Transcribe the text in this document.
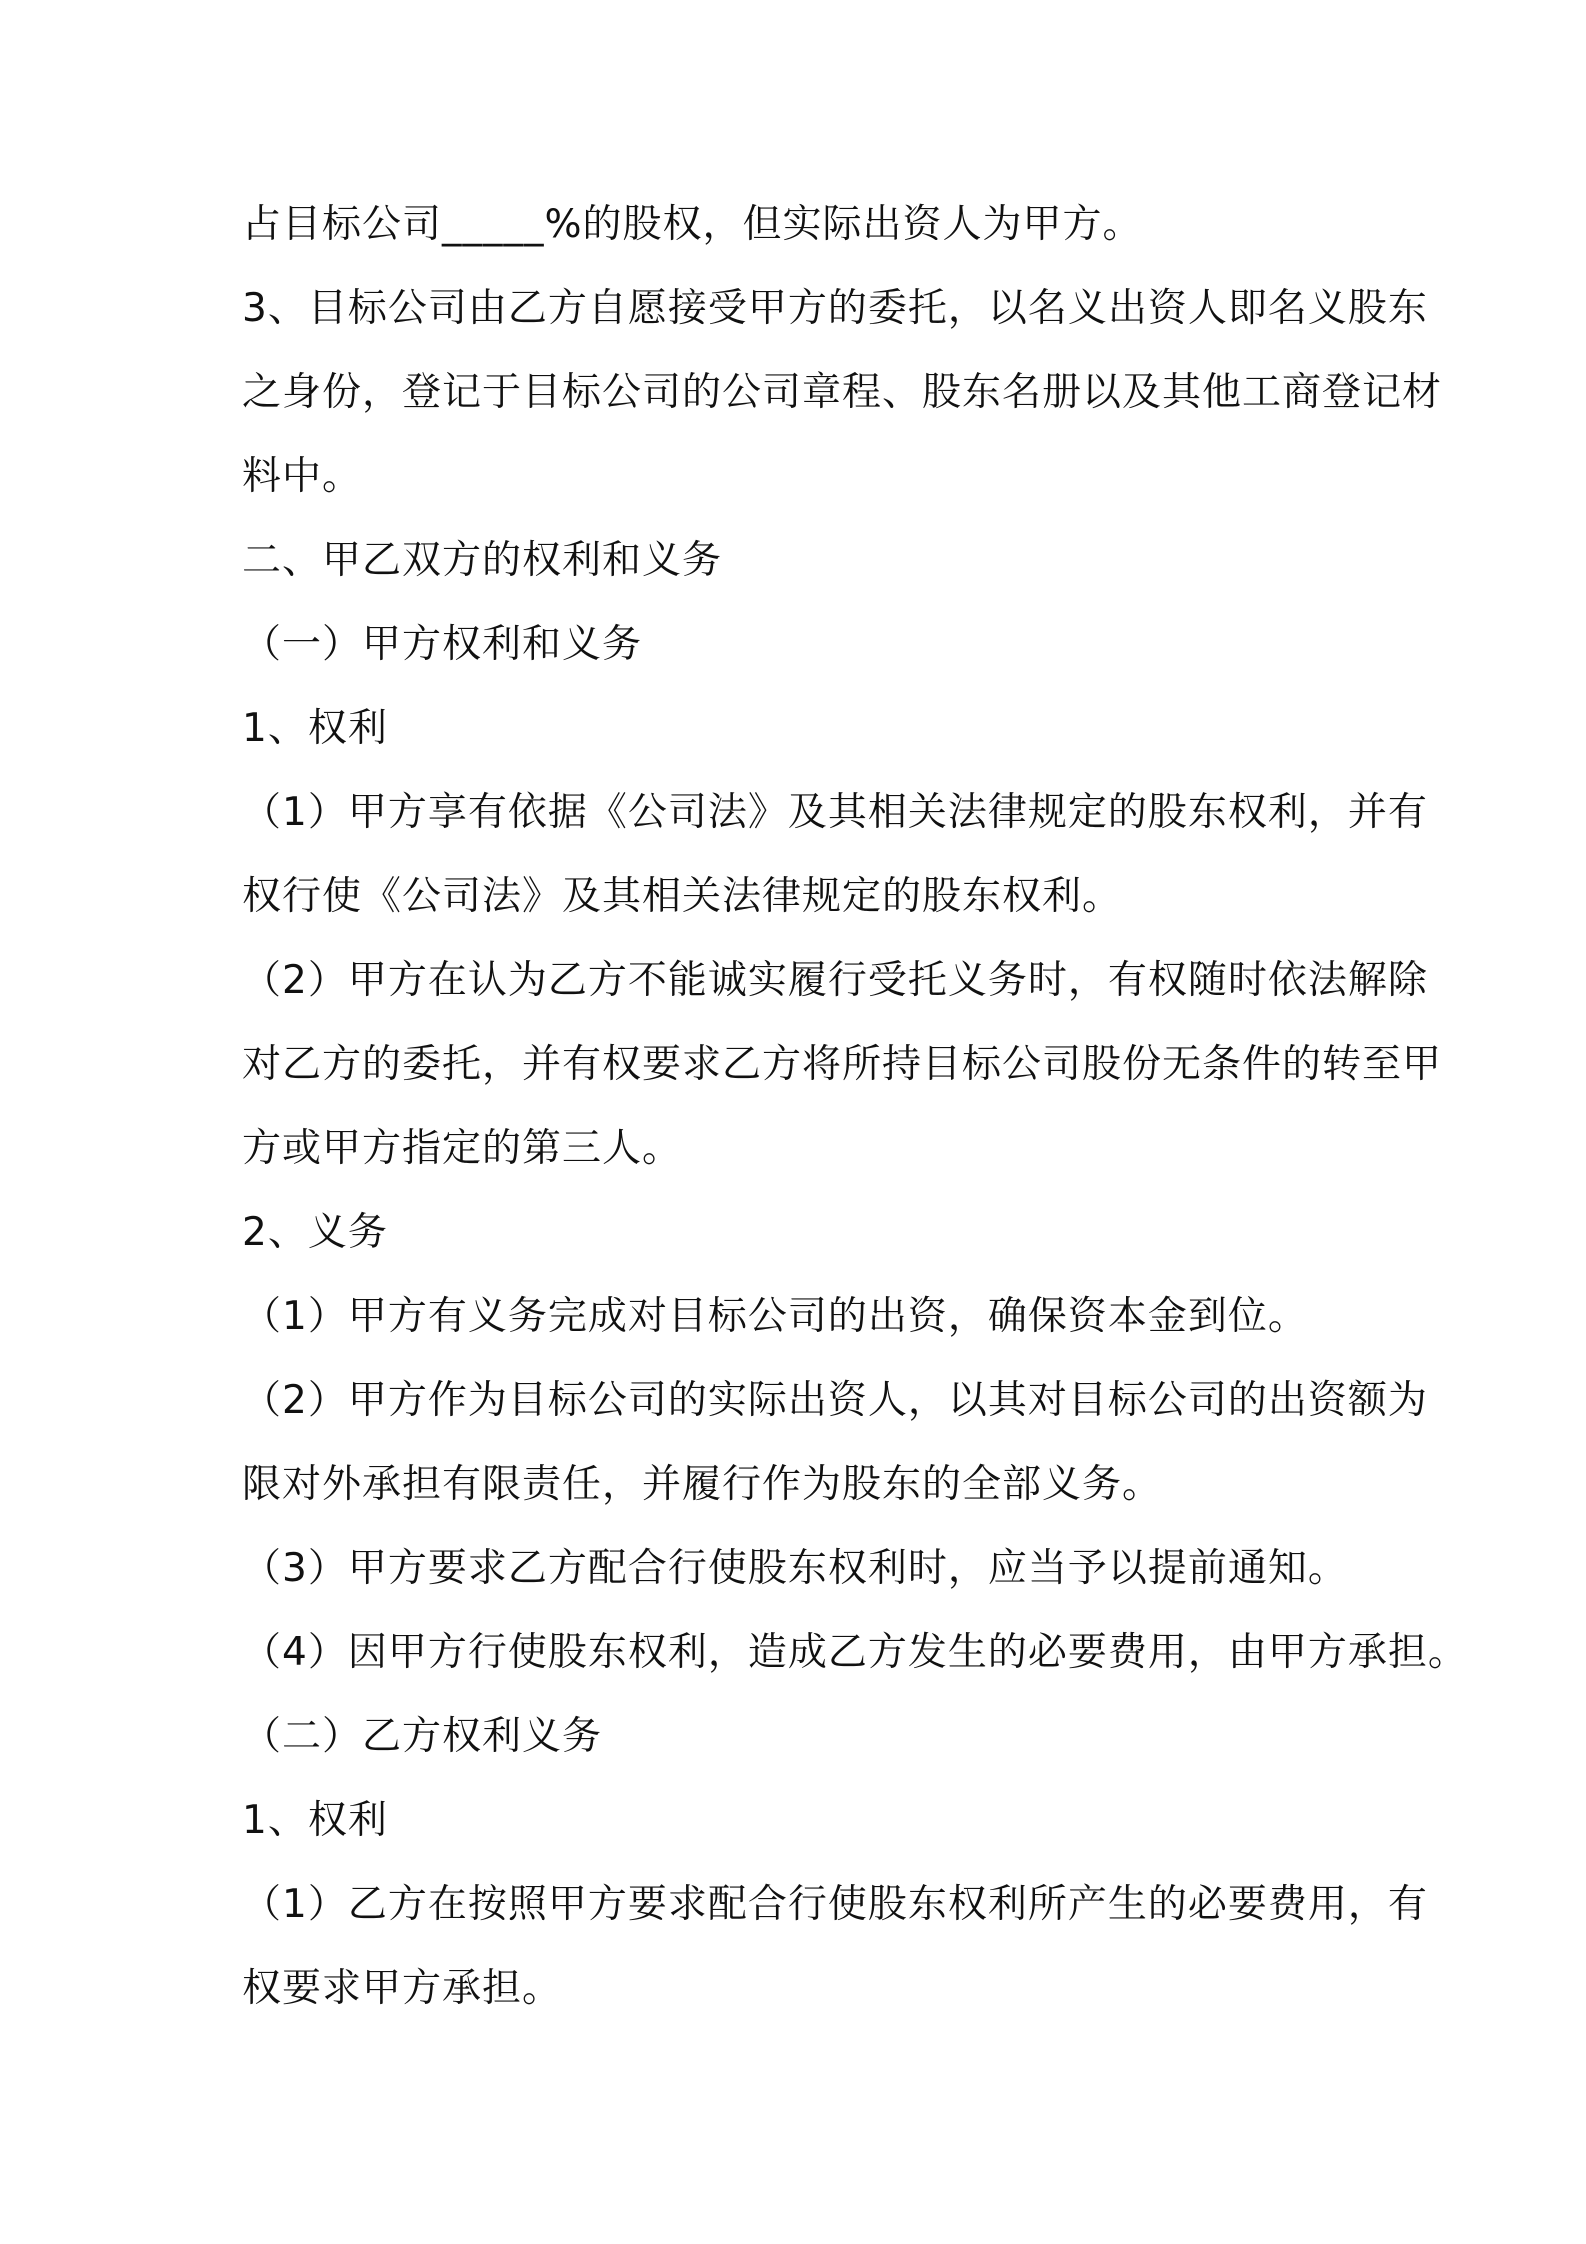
占目标公司_____%的股权，但实际出资人为甲方。
3、目标公司由乙方自愿接受甲方的委托，以名义出资人即名义股东
之身份，登记于目标公司的公司章程、股东名册以及其他工商登记材
料中。
二、甲乙双方的权利和义务
（一）甲方权利和义务
1、权利
（1）甲方享有依据《公司法》及其相关法律规定的股东权利，并有
权行使《公司法》及其相关法律规定的股东权利。
（2）甲方在认为乙方不能诚实履行受托义务时，有权随时依法解除
对乙方的委托，并有权要求乙方将所持目标公司股份无条件的转至甲
方或甲方指定的第三人。
2、义务
（1）甲方有义务完成对目标公司的出资，确保资本金到位。
（2）甲方作为目标公司的实际出资人，以其对目标公司的出资额为
限对外承担有限责任，并履行作为股东的全部义务。
（3）甲方要求乙方配合行使股东权利时，应当予以提前通知。
（4）因甲方行使股东权利，造成乙方发生的必要费用，由甲方承担。
（二）乙方权利义务
1、权利
（1）乙方在按照甲方要求配合行使股东权利所产生的必要费用，有
权要求甲方承担。
